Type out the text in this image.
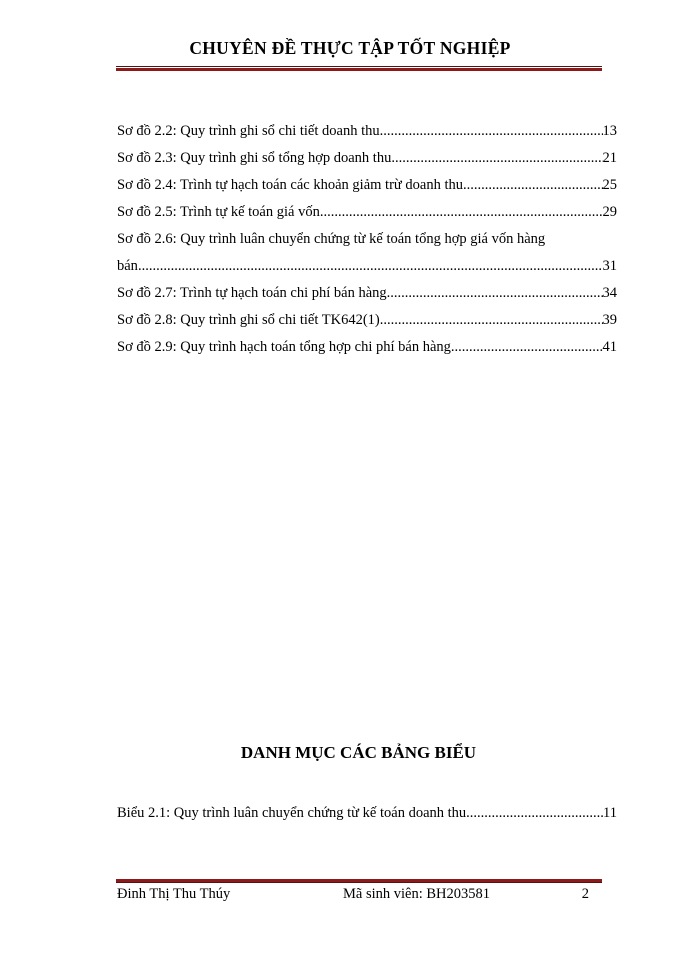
CHUYÊN ĐỀ THỰC TẬP TỐT NGHIỆP
Sơ đồ 2.2: Quy trình ghi sổ chi tiết doanh thu .....	13
Sơ đồ 2.3: Quy trình ghi sổ tổng hợp doanh thu .....	21
Sơ đồ 2.4: Trình tự hạch toán các khoản giảm trừ doanh thu .....	25
Sơ đồ 2.5: Trình tự kế toán giá vốn .....	29
Sơ đồ 2.6: Quy trình luân chuyển chứng từ kế toán tổng hợp giá vốn hàng
bán .....	31
Sơ đồ 2.7: Trình tự hạch toán chi phí bán hàng .....	34
Sơ đồ 2.8: Quy trình ghi sổ chi tiết TK642(1). .....	39
Sơ đồ 2.9: Quy trình hạch toán tổng hợp chi phí bán hàng .....	41
DANH MỤC CÁC BẢNG BIỂU
Biểu 2.1: Quy trình luân chuyển chứng từ kế toán doanh thu .....	11
Đinh Thị Thu Thúy	Mã sinh viên: BH203581	2
